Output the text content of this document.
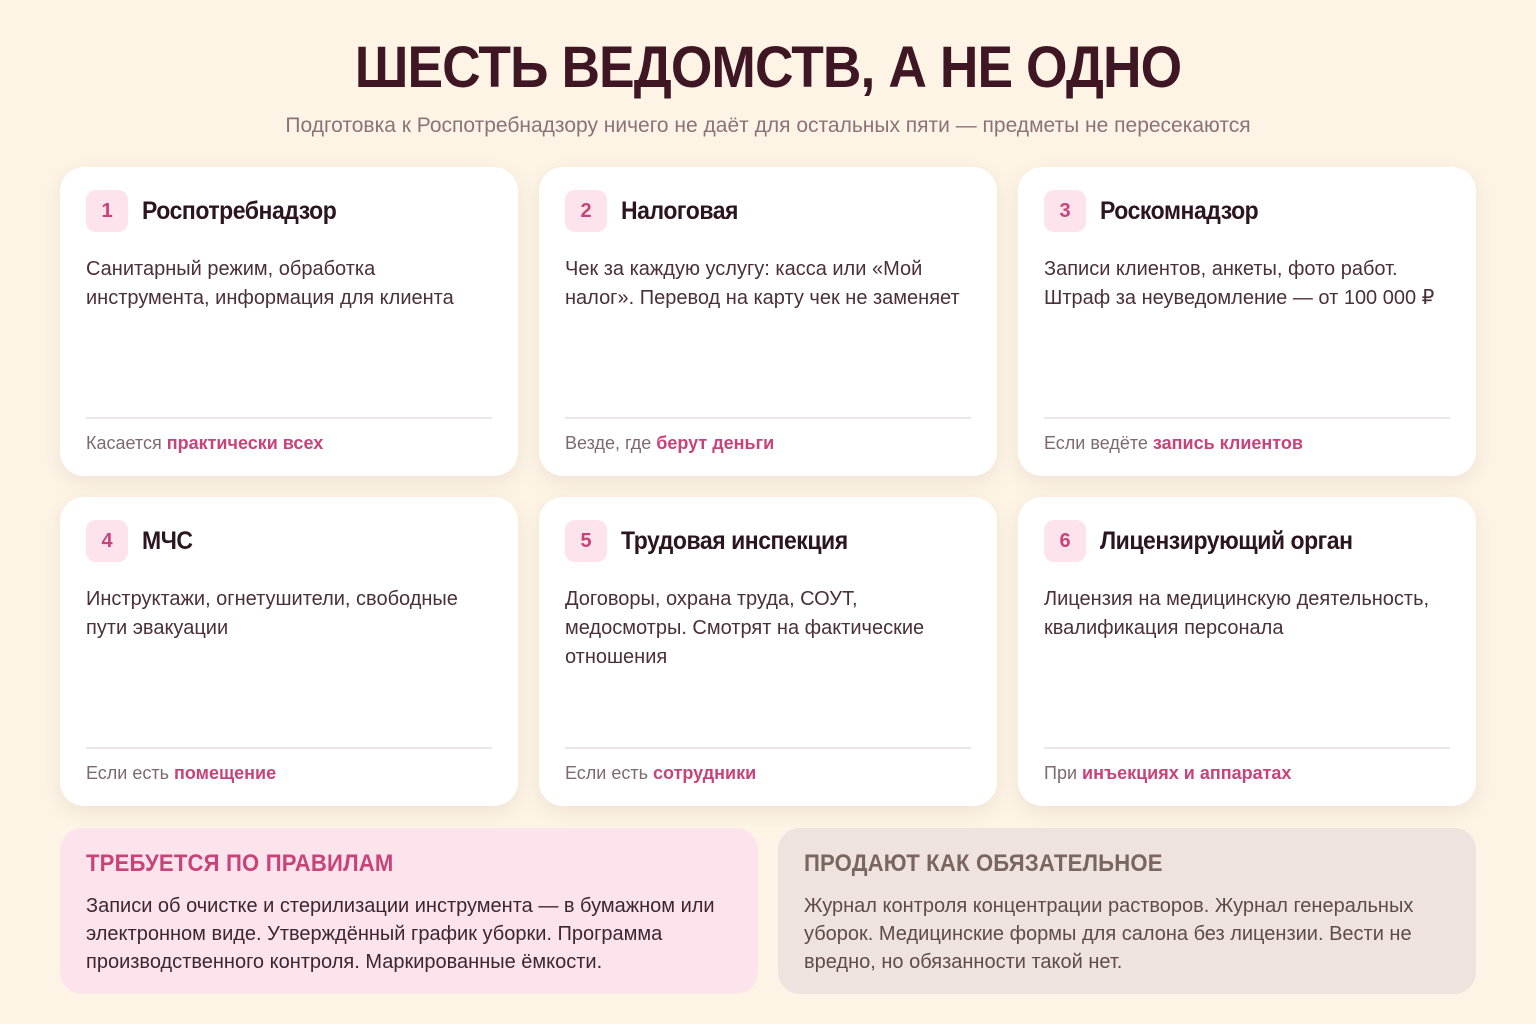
ШЕСТЬ ВЕДОМСТВ, А НЕ ОДНО
Подготовка к Роспотребнадзору ничего не даёт для остальных пяти — предметы не пересекаются
1	Роспотребнадзор
Санитарный режим, обработка инструмента, информация для клиента
Касается практически всех
2	Налоговая
Чек за каждую услугу: касса или «Мой налог». Перевод на карту чек не заменяет
Везде, где берут деньги
3	Роскомнадзор
Записи клиентов, анкеты, фото работ. Штраф за неуведомление — от 100 000 ₽
Если ведёте запись клиентов
4	МЧС
Инструктажи, огнетушители, свободные пути эвакуации
Если есть помещение
5	Трудовая инспекция
Договоры, охрана труда, СОУТ, медосмотры. Смотрят на фактические отношения
Если есть сотрудники
6	Лицензирующий орган
Лицензия на медицинскую деятельность, квалификация персонала
При инъекциях и аппаратах
ТРЕБУЕТСЯ ПО ПРАВИЛАМ
Записи об очистке и стерилизации инструмента — в бумажном или электронном виде. Утверждённый график уборки. Программа производственного контроля. Маркированные ёмкости.
ПРОДАЮТ КАК ОБЯЗАТЕЛЬНОЕ
Журнал контроля концентрации растворов. Журнал генеральных уборок. Медицинские формы для салона без лицензии. Вести не вредно, но обязанности такой нет.
